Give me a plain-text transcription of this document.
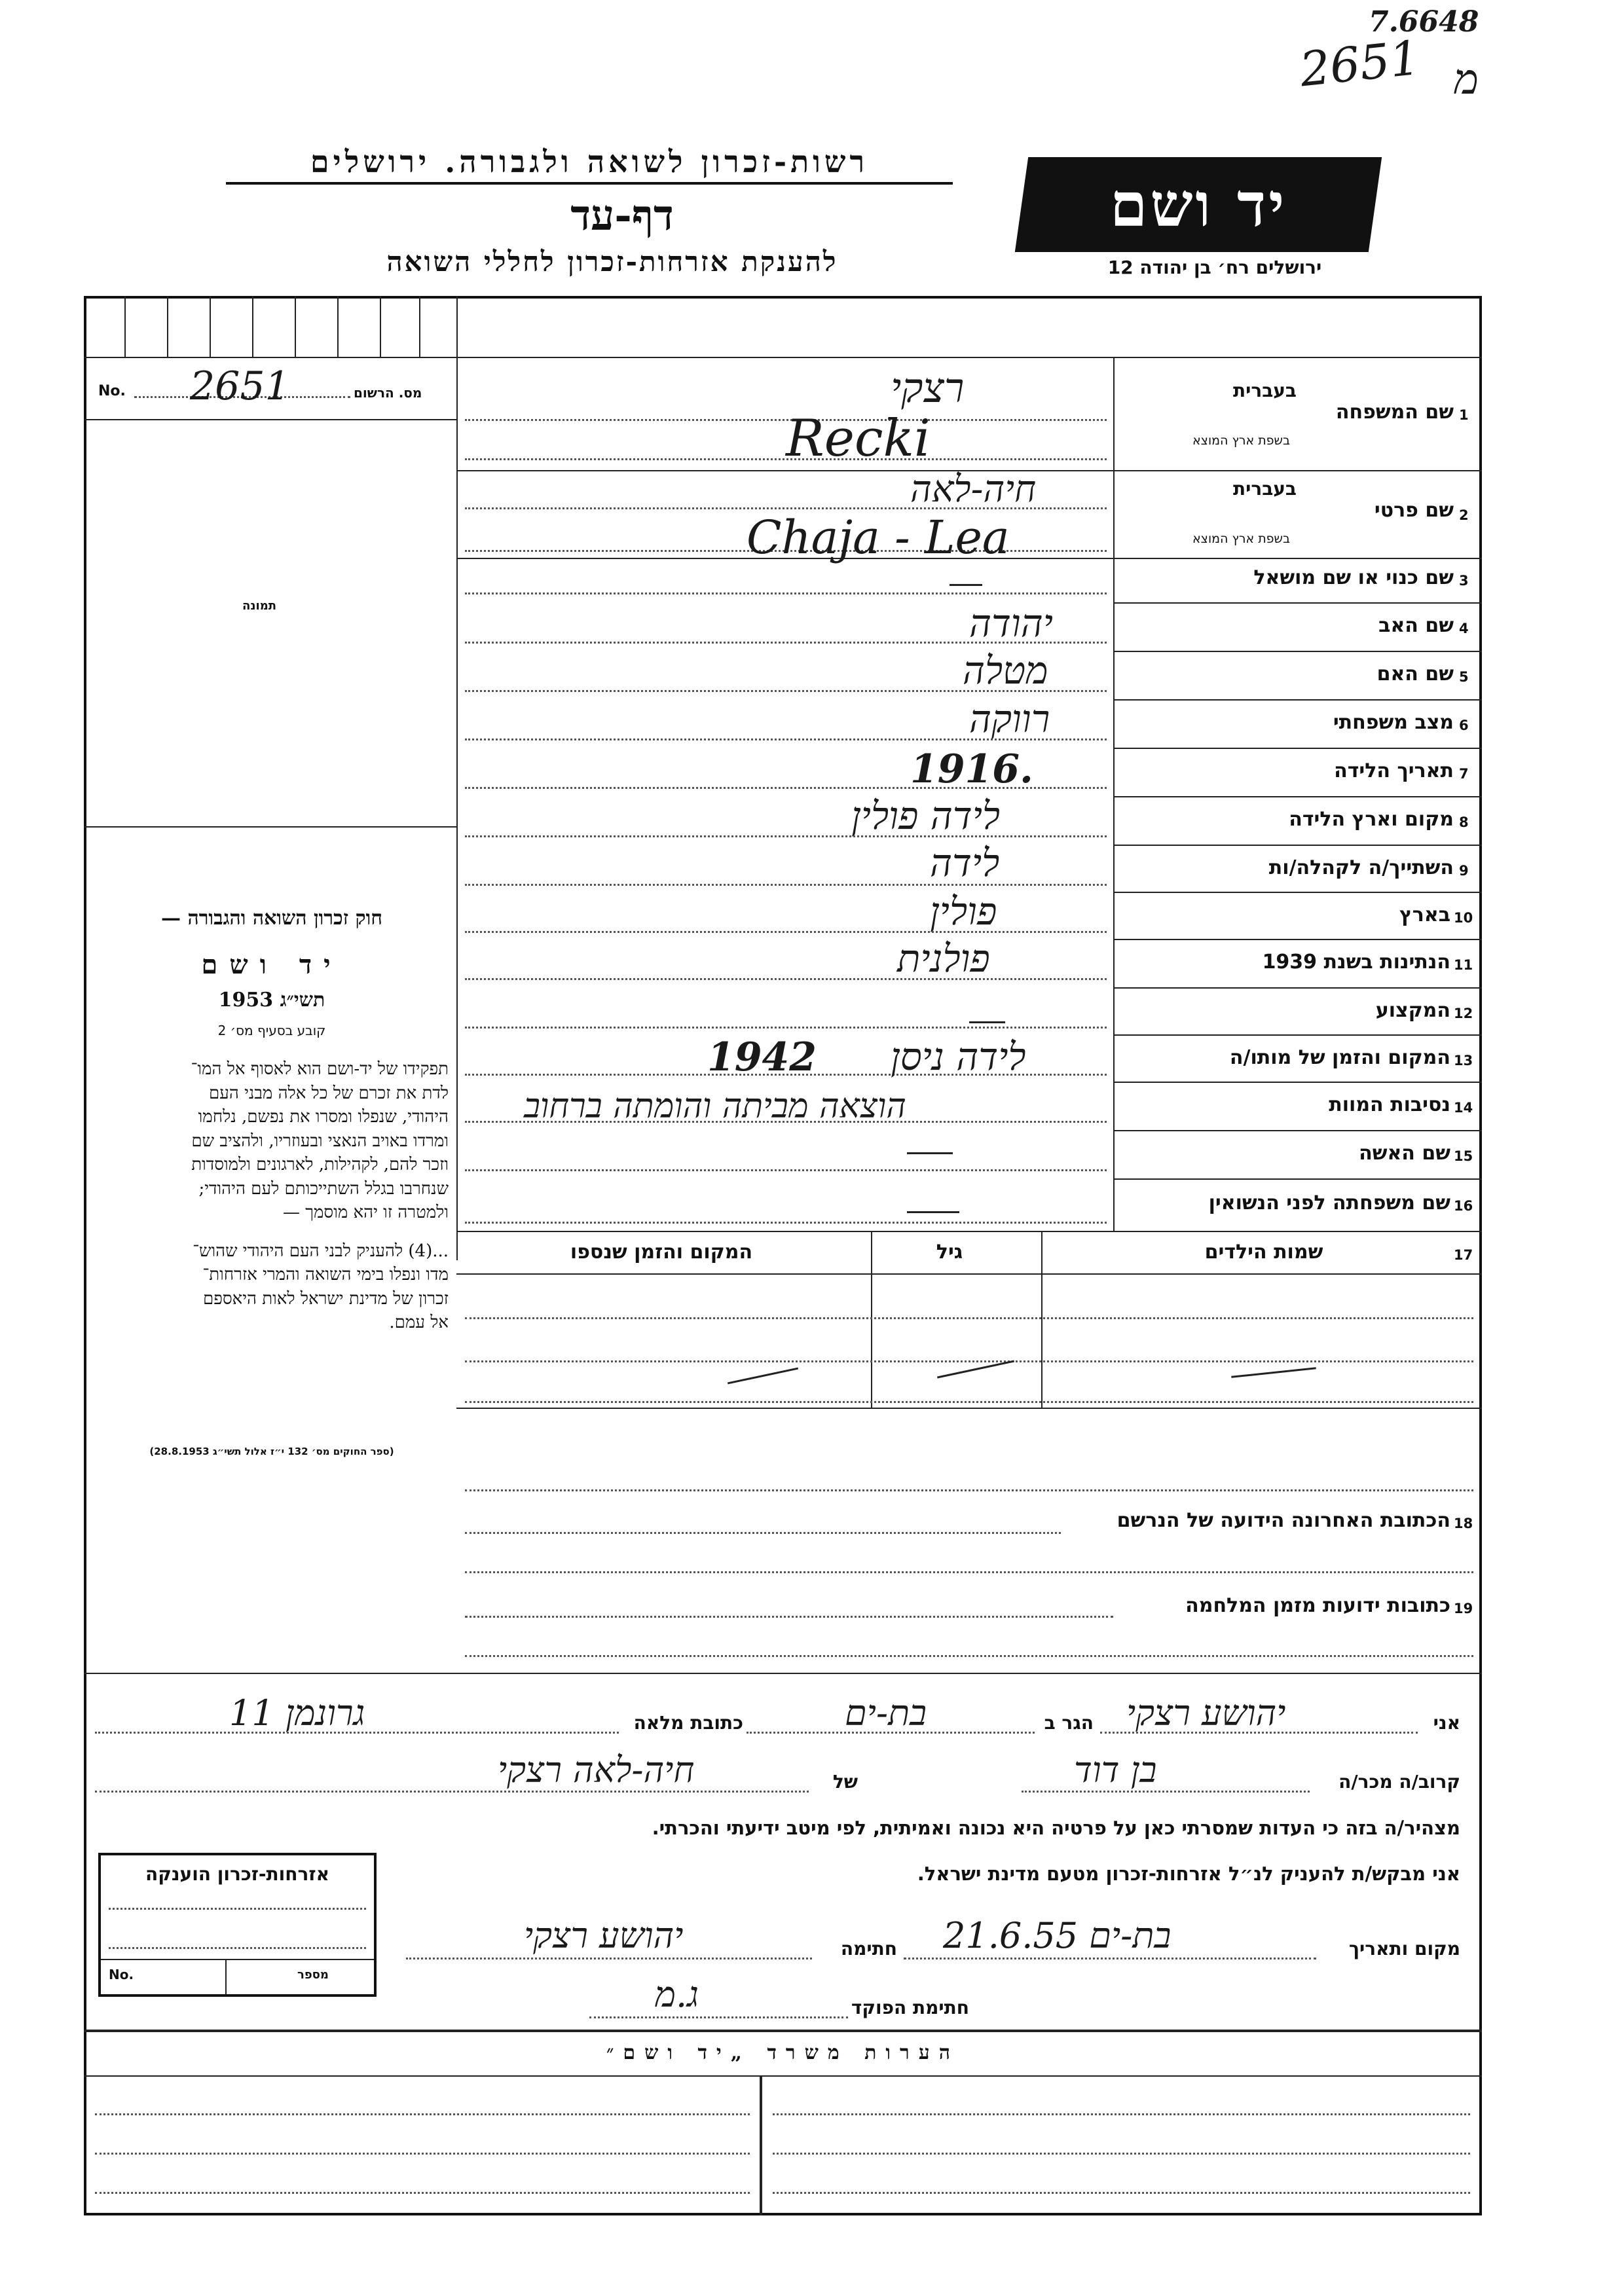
7.6648
2651 מ
רשות-זכרון לשואה ולגבורה. ירושלים
דף-עד
להענקת אזרחות-זכרון לחללי השואה
יד ושם
ירושלים רח׳ בן יהודה 12
No. 2651	מס. הרשום
תמונה
חוק זכרון השואה והגבורה —
יד ושם
תשי״ג 1953
קובע בסעיף מס׳ 2
תפקידו של יד-ושם הוא לאסוף אל המו־
לדת את זכרם של כל אלה מבני העם
היהודי, שנפלו ומסרו את נפשם, נלחמו
ומרדו באויב הנאצי ובעוזריו, ולהציב שם
וזכר להם, לקהילות, לארגונים ולמוסדות
שנחרבו בגלל השתייכותם לעם היהודי;
ולמטרה זו יהא מוסמך —
...(4) להעניק לבני העם היהודי שהוש־
מדו ונפלו בימי השואה והמרי אזרחות־
זכרון של מדינת ישראל לאות היאספם
אל עמם.
(ספר החוקים מס׳ 132 י״ז אלול תשי״ג 28.8.1953)
1
שם המשפחה
בעברית
בשפת ארץ המוצא
2
שם פרטי
בעברית
בשפת ארץ המוצא
3
שם כנוי או שם מושאל
4
שם האב
5
שם האם
6
מצב משפחתי
7
תאריך הלידה
8
מקום וארץ הלידה
9
השתייך/ה לקהלה/ות
10
בארץ
11
הנתינות בשנת 1939
12
המקצוע
13
המקום והזמן של מותו/ה
14
נסיבות המוות
15
שם האשה
16
שם משפחתה לפני הנשואין
רצקי
Recki
חיה-לאה
Chaja - Lea
יהודה
מטלה
רווקה
1916.
לידה פולין
לידה
פולין
פולנית
1942 לידה ניסן
הוצאה מביתה והומתה ברחוב
17
שמות הילדים
גיל
המקום והזמן שנספו
18
הכתובת האחרונה הידועה של הנרשם
19
כתובות ידועות מזמן המלחמה
אני
יהושע רצקי
הגר ב
בת-ים
כתובת מלאה
גרונמן 11
קרוב/ה מכר/ה
בן דוד
של
חיה-לאה רצקי
מצהיר/ה בזה כי העדות שמסרתי כאן על פרטיה היא נכונה ואמיתית, לפי מיטב ידיעתי והכרתי.
אני מבקש/ת להעניק לנ״ל אזרחות-זכרון מטעם מדינת ישראל.
מקום ותאריך
בת-ים 21.6.55
חתימה
יהושע רצקי
חתימת הפוקד
ג.מ
אזרחות-זכרון הוענקה
No.	מספר
הערות משרד „יד ושם״
